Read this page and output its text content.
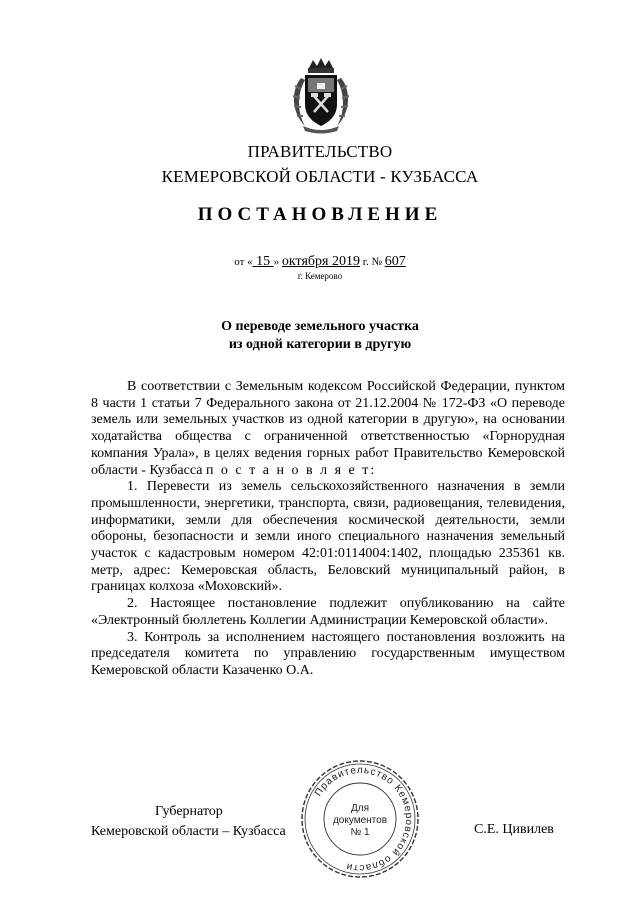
ПРАВИТЕЛЬСТВО
КЕМЕРОВСКОЙ ОБЛАСТИ - КУЗБАССА
ПОСТАНОВЛЕНИЕ
от « 15 » октября 2019 г. № 607
г. Кемерово
О переводе земельного участка
из одной категории в другую

В соответствии с Земельным кодексом Российской Федерации, пунктом 8 части 1 статьи 7 Федерального закона от 21.12.2004 № 172-ФЗ «О переводе земель или земельных участков из одной категории в другую», на основании ходатайства общества с ограниченной ответственностью «Горнорудная компания Урала», в целях ведения горных работ Правительство Кемеровской области - Кузбасса п о с т а н о в л я е т:

1. Перевести из земель сельскохозяйственного назначения в земли промышленности, энергетики, транспорта, связи, радиовещания, телевидения, информатики, земли для обеспечения космической деятельности, земли обороны, безопасности и земли иного специального назначения земельный участок с кадастровым номером 42:01:0114004:1402, площадью 235361 кв. метр, адрес: Кемеровская область, Беловский муниципальный район, в границах колхоза «Моховский».

2. Настоящее постановление подлежит опубликованию на сайте «Электронный бюллетень Коллегии Администрации Кемеровской области».

3. Контроль за исполнением настоящего постановления возложить на председателя комитета по управлению государственным имуществом Кемеровской области Казаченко О.А.

Губернатор
Кемеровской области – Кузбасса	С.Е. Цивилев
Правительство Кемеровской области
Для
документов
№ 1
